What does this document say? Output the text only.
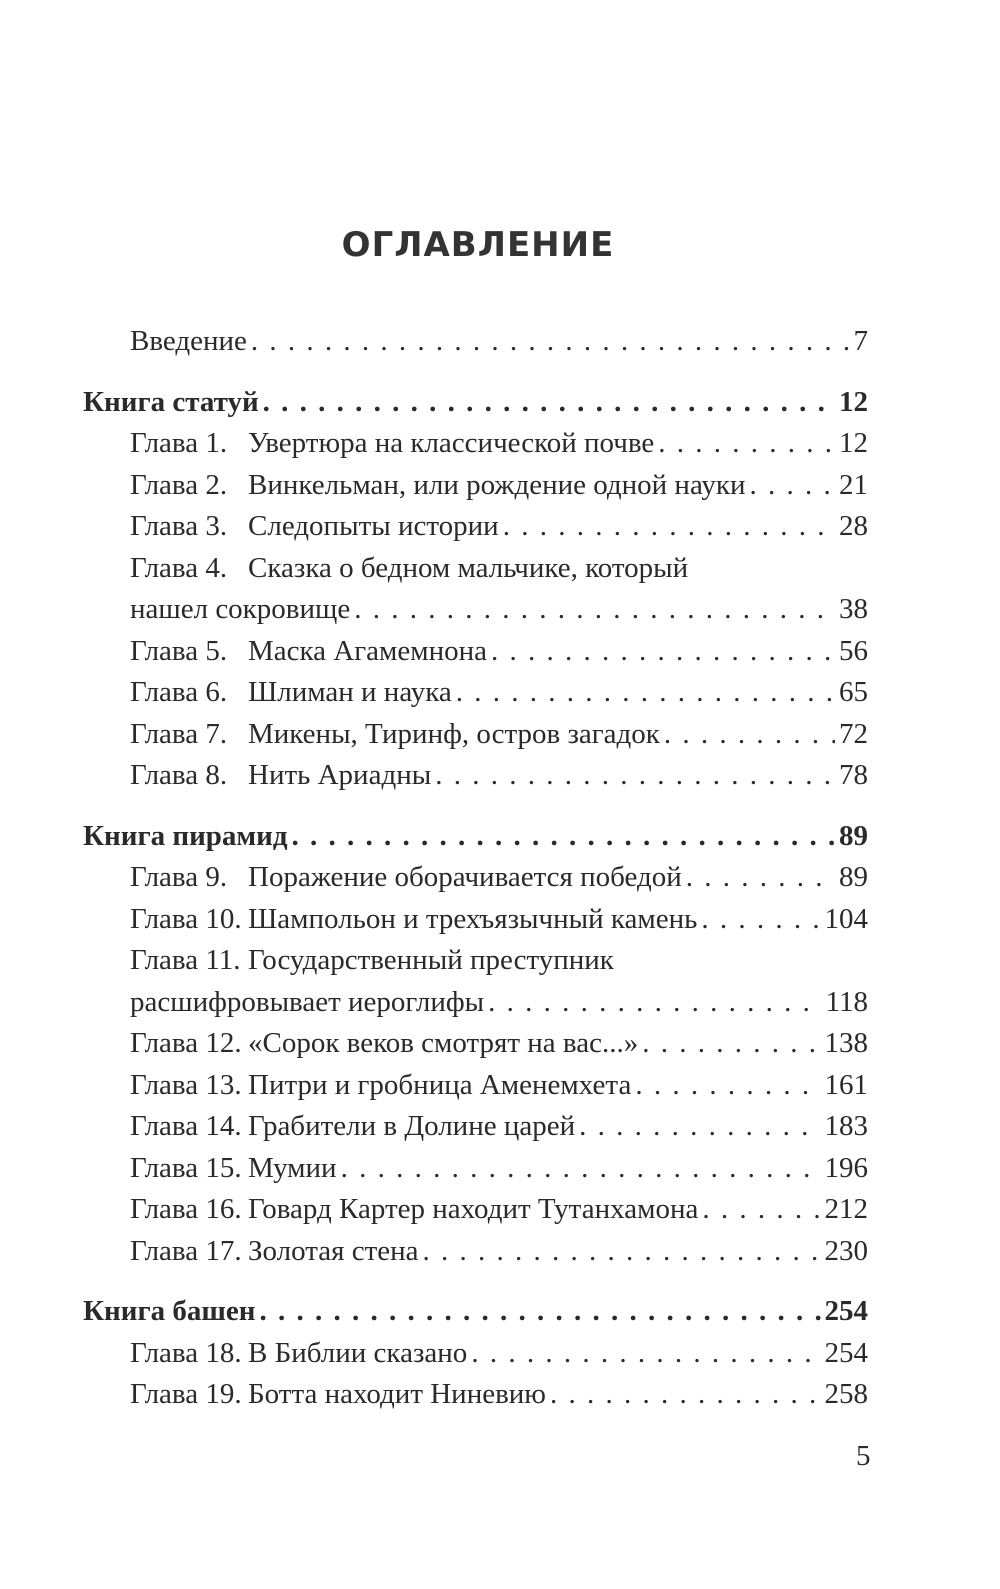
ОГЛАВЛЕНИЕ
Введение . . .	7
Книга статуй . . .	12
Глава 1. Увертюра на классической почве . . .	12
Глава 2. Винкельман, или рождение одной науки . . .	21
Глава 3. Следопыты истории . . .	28
Глава 4. Сказка о бедном мальчике, который
нашел сокровище . . .	38
Глава 5. Маска Агамемнона . . .	56
Глава 6. Шлиман и наука . . .	65
Глава 7. Микены, Тиринф, остров загадок . . .	72
Глава 8. Нить Ариадны . . .	78
Книга пирамид . . .	89
Глава 9. Поражение оборачивается победой . . .	89
Глава 10. Шампольон и трехъязычный камень . . .	104
Глава 11. Государственный преступник
расшифровывает иероглифы . . .	118
Глава 12. «Сорок веков смотрят на вас...» . . .	138
Глава 13. Питри и гробница Аменемхета . . .	161
Глава 14. Грабители в Долине царей . . .	183
Глава 15. Мумии . . .	196
Глава 16. Говард Картер находит Тутанхамона . . .	212
Глава 17. Золотая стена . . .	230
Книга башен . . .	254
Глава 18. В Библии сказано . . .	254
Глава 19. Ботта находит Ниневию . . .	258
5
